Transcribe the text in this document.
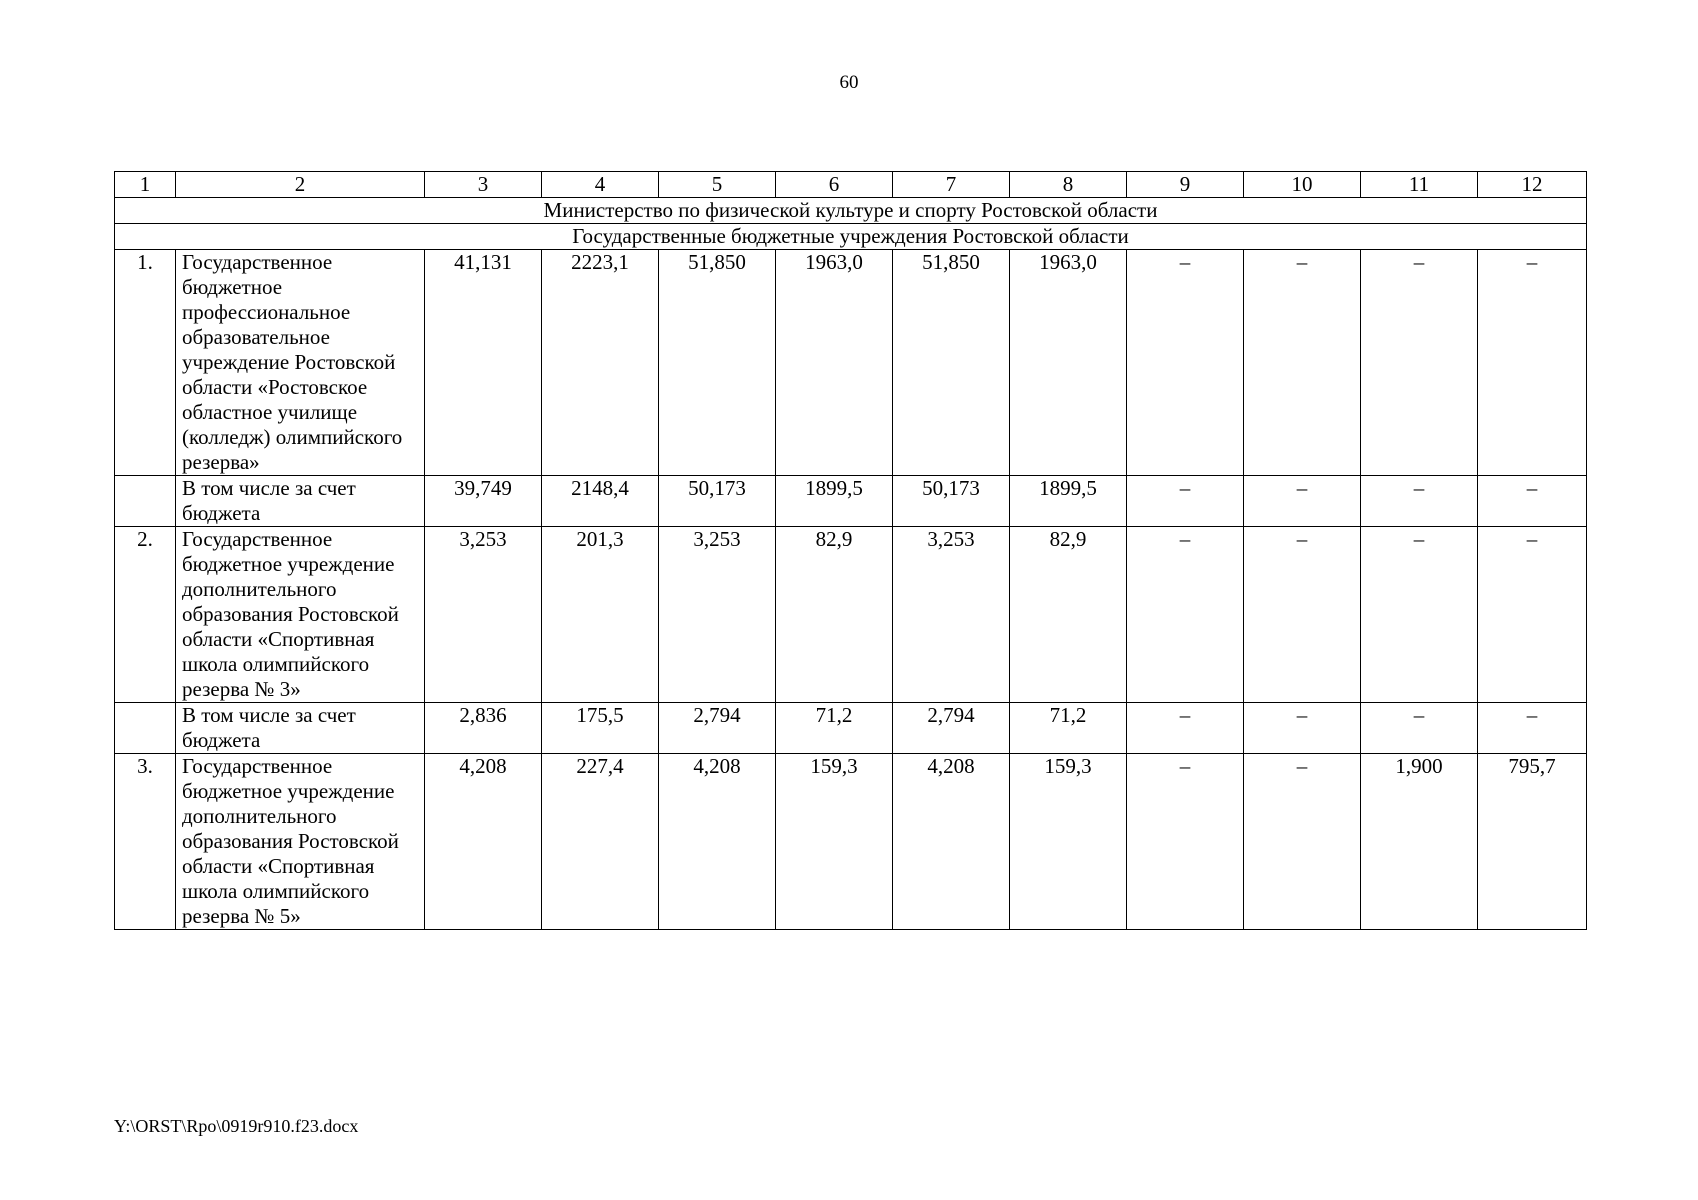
60
1	2	3	4	5	6	7	8	9	10	11	12
Министерство по физической культуре и спорту Ростовской области											
Государственные бюджетные учреждения Ростовской области											
1.	Государственное бюджетное профессиональное образовательное учреждение Ростовской области «Ростовское областное училище (колледж) олимпийского резерва»	41,131	2223,1	51,850	1963,0	51,850	1963,0	–	–	–	–
	В том числе за счет бюджета	39,749	2148,4	50,173	1899,5	50,173	1899,5	–	–	–	–
2.	Государственное бюджетное учреждение дополнительного образования Ростовской области «Спортивная школа олимпийского резерва № 3»	3,253	201,3	3,253	82,9	3,253	82,9	–	–	–	–
	В том числе за счет бюджета	2,836	175,5	2,794	71,2	2,794	71,2	–	–	–	–
3.	Государственное бюджетное учреждение дополнительного образования Ростовской области «Спортивная школа олимпийского резерва № 5»	4,208	227,4	4,208	159,3	4,208	159,3	–	–	1,900	795,7
Y:\ORST\Rpo\0919r910.f23.docx
